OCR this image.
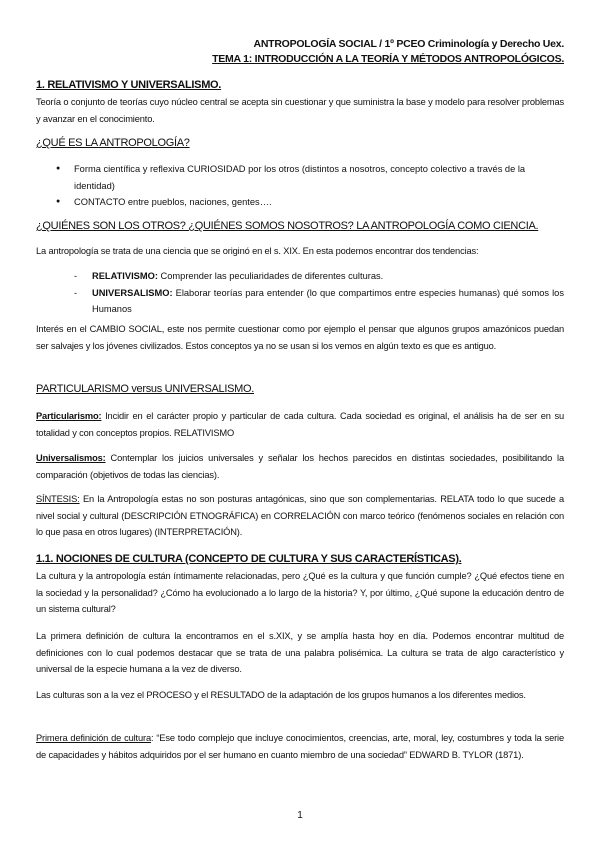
ANTROPOLOGÍA SOCIAL / 1º PCEO Criminología y Derecho Uex.
TEMA 1: INTRODUCCIÓN A LA TEORÍA Y MÉTODOS ANTROPOLÓGICOS.
1. RELATIVISMO Y UNIVERSALISMO.
Teoría o conjunto de teorías cuyo núcleo central se acepta sin cuestionar y que suministra la base y modelo para resolver problemas y avanzar en el conocimiento.
¿QUÉ ES LA ANTROPOLOGÍA?
● Forma científica y reflexiva CURIOSIDAD por los otros (distintos a nosotros, concepto colectivo a través de la identidad)
● CONTACTO entre pueblos, naciones, gentes….
¿QUIÉNES SON LOS OTROS? ¿QUIÉNES SOMOS NOSOTROS? LA ANTROPOLOGÍA COMO CIENCIA.
La antropología se trata de una ciencia que se originó en el s. XIX. En esta podemos encontrar dos tendencias:
- RELATIVISMO: Comprender las peculiaridades de diferentes culturas.
- UNIVERSALISMO: Elaborar teorías para entender (lo que compartimos entre especies humanas) qué somos los Humanos
Interés en el CAMBIO SOCIAL, este nos permite cuestionar como por ejemplo el pensar que algunos grupos amazónicos puedan ser salvajes y los jóvenes civilizados. Estos conceptos ya no se usan si los vemos en algún texto es que es antiguo.
PARTICULARISMO versus UNIVERSALISMO.
Particularismo: Incidir en el carácter propio y particular de cada cultura. Cada sociedad es original, el análisis ha de ser en su totalidad y con conceptos propios. RELATIVISMO
Universalismos: Contemplar los juicios universales y señalar los hechos parecidos en distintas sociedades, posibilitando la comparación (objetivos de todas las ciencias).
SÍNTESIS: En la Antropología estas no son posturas antagónicas, sino que son complementarias. RELATA todo lo que sucede a nivel social y cultural (DESCRIPCIÓN ETNOGRÁFICA) en CORRELACIÓN con marco teórico (fenómenos sociales en relación con lo que pasa en otros lugares) (INTERPRETACIÓN).
1.1. NOCIONES DE CULTURA (CONCEPTO DE CULTURA Y SUS CARACTERÍSTICAS).
La cultura y la antropología están íntimamente relacionadas, pero ¿Qué es la cultura y que función cumple? ¿Qué efectos tiene en la sociedad y la personalidad? ¿Cómo ha evolucionado a lo largo de la historia? Y, por último, ¿Qué supone la educación dentro de un sistema cultural?
La primera definición de cultura la encontramos en el s.XIX, y se amplía hasta hoy en día. Podemos encontrar multitud de definiciones con lo cual podemos destacar que se trata de una palabra polisémica. La cultura se trata de algo característico y universal de la especie humana a la vez de diverso.
Las culturas son a la vez el PROCESO y el RESULTADO de la adaptación de los grupos humanos a los diferentes medios.
Primera definición de cultura: “Ese todo complejo que incluye conocimientos, creencias, arte, moral, ley, costumbres y toda la serie de capacidades y hábitos adquiridos por el ser humano en cuanto miembro de una sociedad” EDWARD B. TYLOR (1871).
1
